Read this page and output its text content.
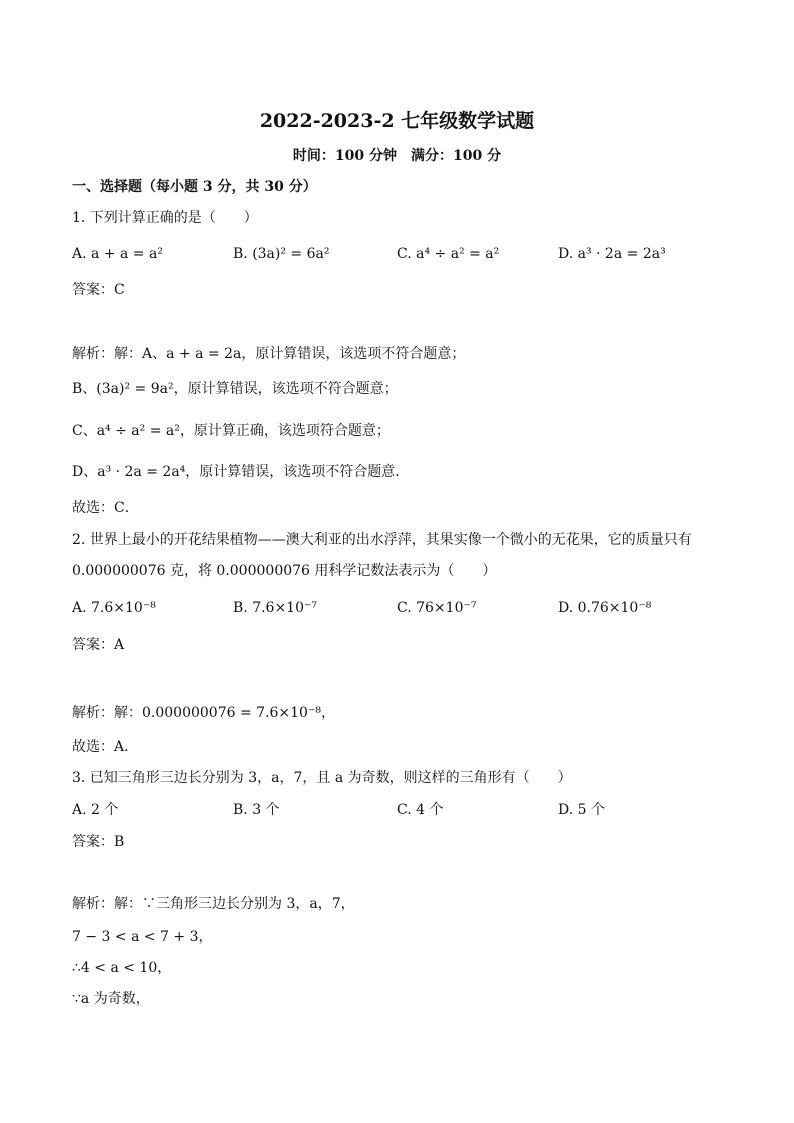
2022-2023-2 七年级数学试题
时间：100 分钟　满分：100 分
一、选择题（每小题 3 分，共 30 分）
1. 下列计算正确的是（　　）
A. a + a = a²	B. (3a)² = 6a²	C. a⁴ ÷ a² = a²	D. a³ · 2a = 2a³
答案：C
解析：解：A、a + a = 2a，原计算错误，该选项不符合题意；
B、(3a)² = 9a²，原计算错误，该选项不符合题意；
C、a⁴ ÷ a² = a²，原计算正确，该选项符合题意；
D、a³ · 2a = 2a⁴，原计算错误，该选项不符合题意．
故选：C．
2. 世界上最小的开花结果植物——澳大利亚的出水浮萍，其果实像一个微小的无花果，它的质量只有
0.000000076 克，将 0.000000076 用科学记数法表示为（　　）
A. 7.6×10⁻⁸	B. 7.6×10⁻⁷	C. 76×10⁻⁷	D. 0.76×10⁻⁸
答案：A
解析：解：0.000000076 = 7.6×10⁻⁸，
故选：A．
3. 已知三角形三边长分别为 3，a，7，且 a 为奇数，则这样的三角形有（　　）
A. 2 个	B. 3 个	C. 4 个	D. 5 个
答案：B
解析：解：∵三角形三边长分别为 3，a，7，
7 − 3 < a < 7 + 3，
∴4 < a < 10，
∵a 为奇数，
